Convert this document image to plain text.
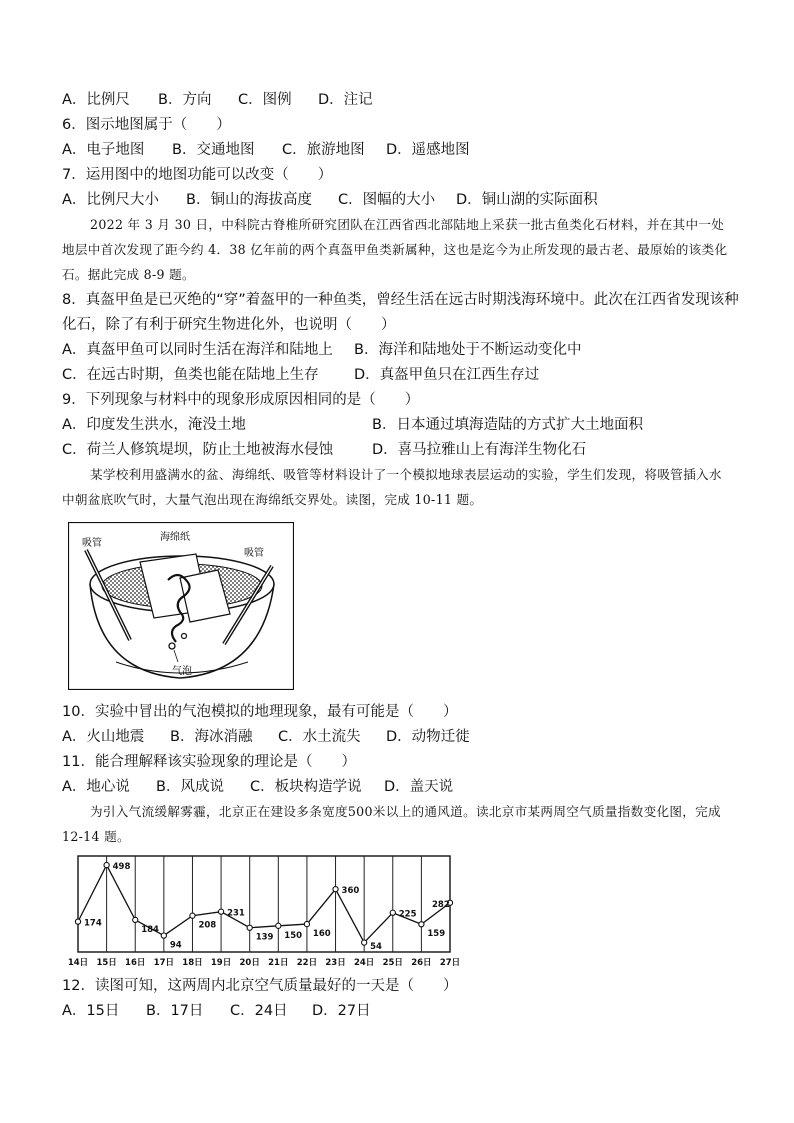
A．比例尺 B．方向 C．图例 D．注记
6．图示地图属于（　　）
A．电子地图 B．交通地图 C．旅游地图 D．遥感地图
7．运用图中的地图功能可以改变（　　）
A．比例尺大小 B．铜山的海拔高度 C．图幅的大小 D．铜山湖的实际面积
2022 年 3 月 30 日，中科院古脊椎所研究团队在江西省西北部陆地上采获一批古鱼类化石材料，并在其中一处地层中首次发现了距今约 4．38 亿年前的两个真盔甲鱼类新属种，这也是迄今为止所发现的最古老、最原始的该类化石。据此完成 8-9 题。
8．真盔甲鱼是已灭绝的“穿”着盔甲的一种鱼类，曾经生活在远古时期浅海环境中。此次在江西省发现该种
化石，除了有利于研究生物进化外，也说明（　　）
A．真盔甲鱼可以同时生活在海洋和陆地上 B．海洋和陆地处于不断运动变化中
C．在远古时期，鱼类也能在陆地上生存 D．真盔甲鱼只在江西生存过
9．下列现象与材料中的现象形成原因相同的是（　　）
A．印度发生洪水，淹没土地	B．日本通过填海造陆的方式扩大土地面积
C．荷兰人修筑堤坝，防止土地被海水侵蚀	D．喜马拉雅山上有海洋生物化石
某学校利用盛满水的盆、海绵纸、吸管等材料设计了一个模拟地球表层运动的实验，学生们发现，将吸管插入水中朝盆底吹气时，大量气泡出现在海绵纸交界处。读图，完成 10-11 题。
吸管
海绵纸
吸管
气泡
10．实验中冒出的气泡模拟的地理现象，最有可能是（　　）
A．火山地震 B．海冰消融 C．水土流失 D．动物迁徙
11．能合理解释该实验现象的理论是（　　）
A．地心说 B．风成说 C．板块构造学说 D．盖天说
为引入气流缓解雾霾，北京正在建设多条宽度500米以上的通风道。读北京市某两周空气质量指数变化图，完成 12-14 题。
174
498
184
94
208
231
139 150 160
360
54
225
159
282
14日 15日 16日 17日 18日 19日 20日 21日 22日 23日 24日 25日 26日 27日
12．读图可知，这两周内北京空气质量最好的一天是（　　）
A．15日 B．17日 C．24日 D．27日
